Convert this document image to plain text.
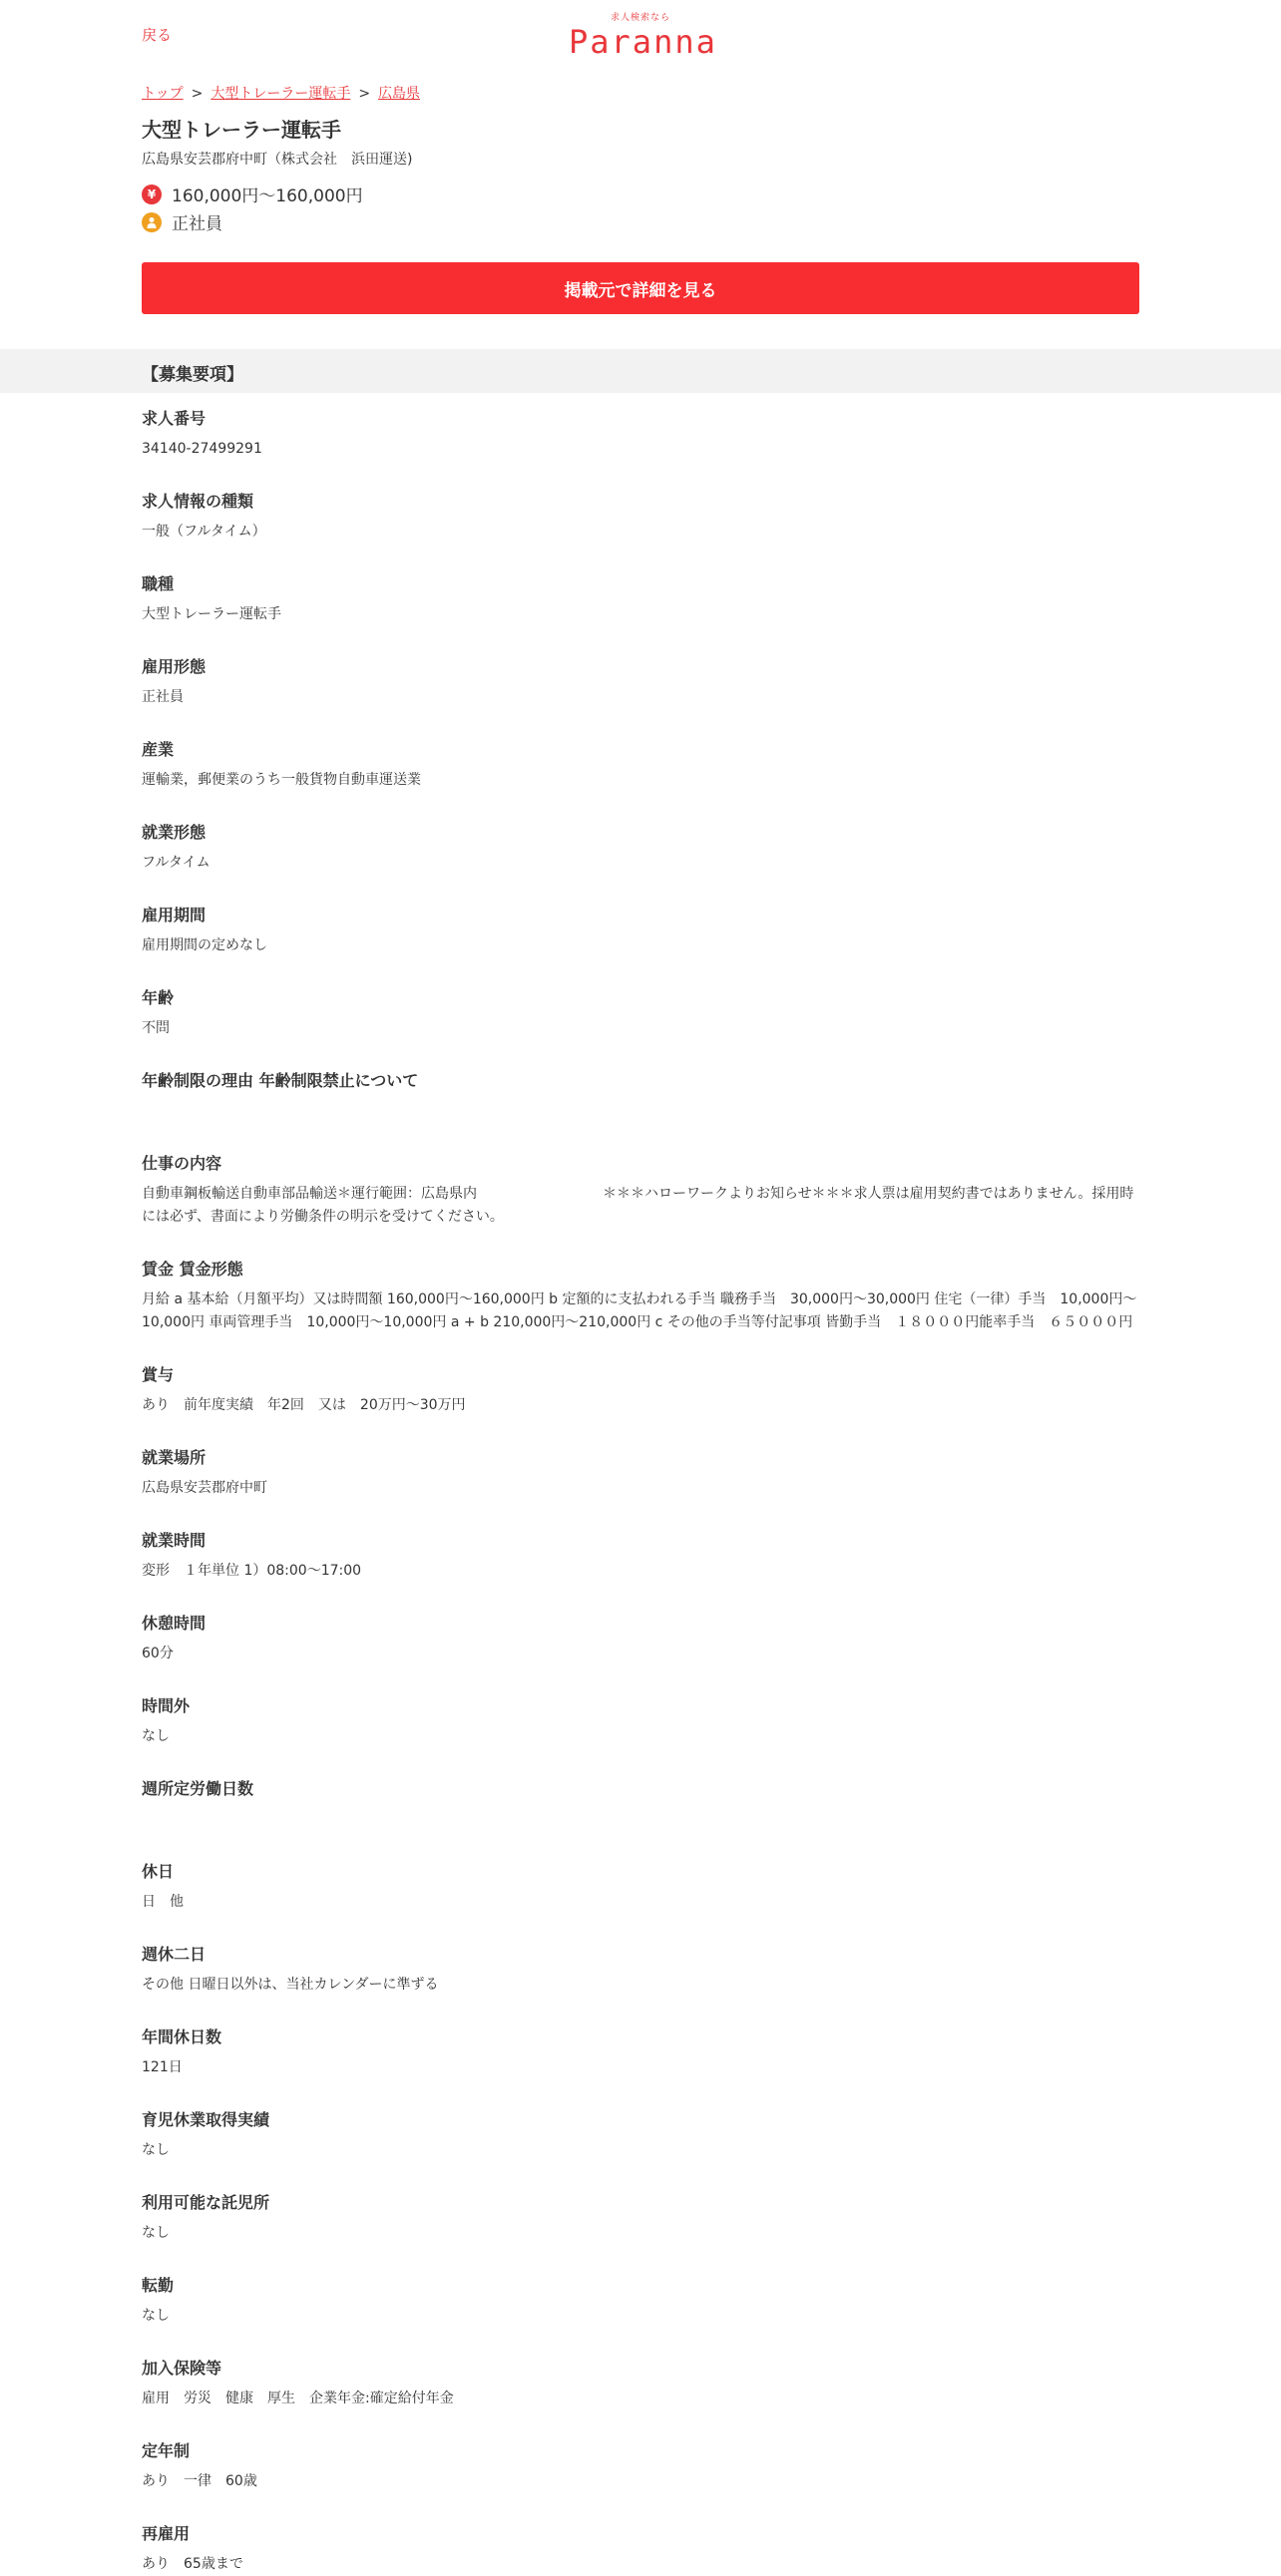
戻る
求人検索なら
Paranna
トップ > 大型トレーラー運転手 > 広島県
大型トレーラー運転手
広島県安芸郡府中町（株式会社　浜田運送)
¥ 160,000円～160,000円
正社員
掲載元で詳細を見る
【募集要項】
求人番号
34140-27499291
求人情報の種類
一般（フルタイム）
職種
大型トレーラー運転手
雇用形態
正社員
産業
運輸業，郵便業のうち一般貨物自動車運送業
就業形態
フルタイム
雇用期間
雇用期間の定めなし
年齢
不問
年齢制限の理由 年齢制限禁止について
仕事の内容
自動車鋼板輸送自動車部品輸送＊運行範囲：広島県内　　　　　　　　　＊＊＊ハローワークよりお知らせ＊＊＊求人票は雇用契約書ではありません。採用時には必ず、書面により労働条件の明示を受けてください。
賃金 賃金形態
月給 a 基本給（月額平均）又は時間額 160,000円～160,000円 b 定額的に支払われる手当 職務手当　30,000円～30,000円 住宅（一律）手当　10,000円～10,000円 車両管理手当　10,000円～10,000円 a + b 210,000円～210,000円 c その他の手当等付記事項 皆勤手当　１８０００円能率手当　６５０００円
賞与
あり　前年度実績　年2回　又は　20万円～30万円
就業場所
広島県安芸郡府中町
就業時間
変形　１年単位 1）08:00～17:00
休憩時間
60分
時間外
なし
週所定労働日数
休日
日　他
週休二日
その他 日曜日以外は、当社カレンダーに準ずる
年間休日数
121日
育児休業取得実績
なし
利用可能な託児所
なし
転勤
なし
加入保険等
雇用　労災　健康　厚生　企業年金:確定給付年金
定年制
あり　一律　60歳
再雇用
あり　65歳まで
